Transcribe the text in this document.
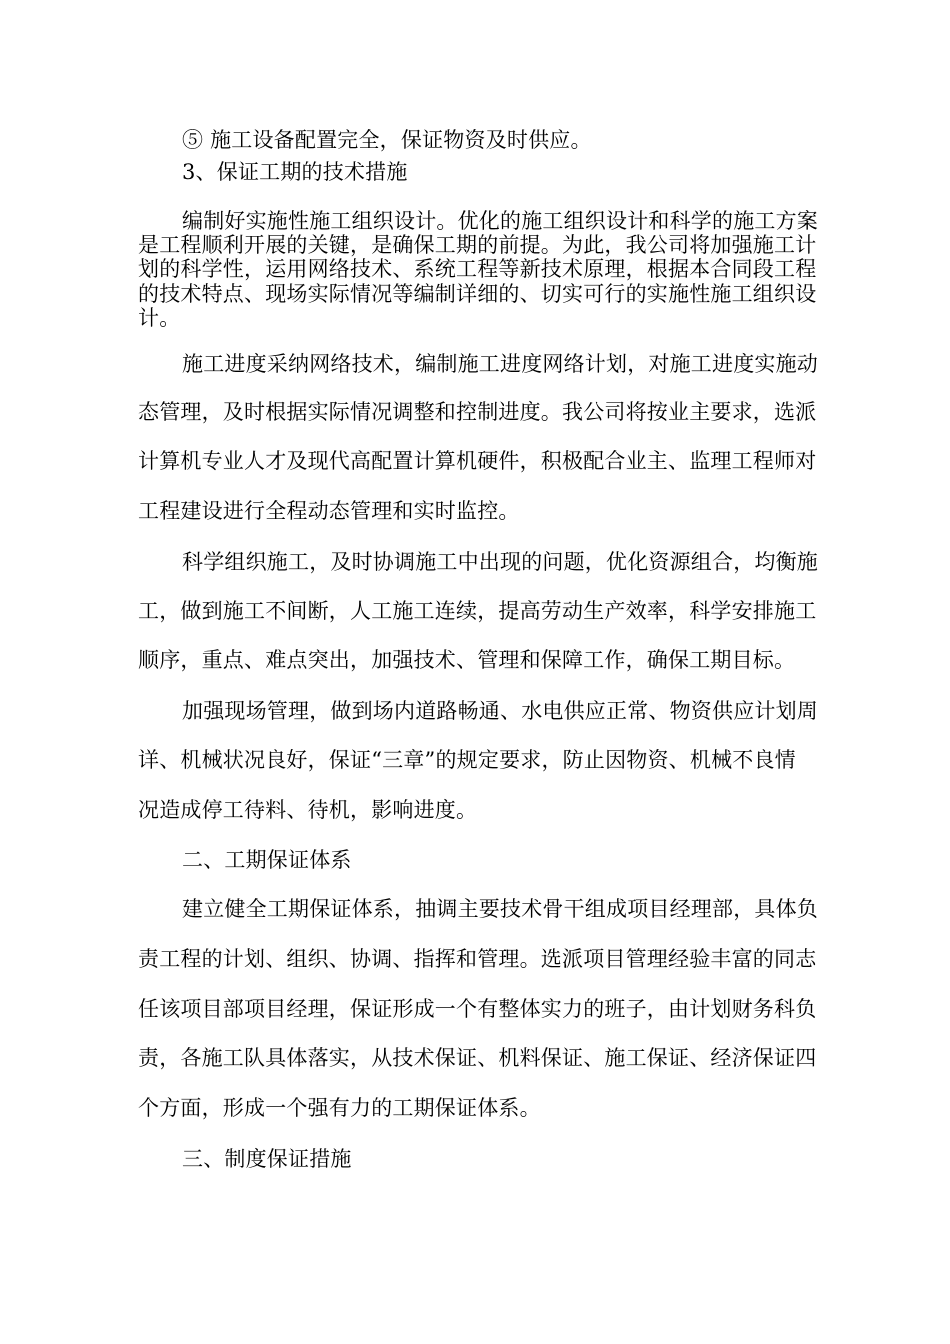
⑤ 施工设备配置完全，保证物资及时供应。
3、保证工期的技术措施
编制好实施性施工组织设计。优化的施工组织设计和科学的施工方案
是工程顺利开展的关键，是确保工期的前提。为此，我公司将加强施工计
划的科学性，运用网络技术、系统工程等新技术原理，根据本合同段工程
的技术特点、现场实际情况等编制详细的、切实可行的实施性施工组织设
计。
施工进度采纳网络技术，编制施工进度网络计划，对施工进度实施动
态管理，及时根据实际情况调整和控制进度。我公司将按业主要求，选派
计算机专业人才及现代高配置计算机硬件，积极配合业主、监理工程师对
工程建设进行全程动态管理和实时监控。
科学组织施工，及时协调施工中出现的问题，优化资源组合，均衡施
工，做到施工不间断，人工施工连续，提高劳动生产效率，科学安排施工
顺序，重点、难点突出，加强技术、管理和保障工作，确保工期目标。
加强现场管理，做到场内道路畅通、水电供应正常、物资供应计划周
详、机械状况良好，保证“三章”的规定要求，防止因物资、机械不良情
况造成停工待料、待机，影响进度。
二、工期保证体系
建立健全工期保证体系，抽调主要技术骨干组成项目经理部，具体负
责工程的计划、组织、协调、指挥和管理。选派项目管理经验丰富的同志
任该项目部项目经理，保证形成一个有整体实力的班子，由计划财务科负
责，各施工队具体落实，从技术保证、机料保证、施工保证、经济保证四
个方面，形成一个强有力的工期保证体系。
三、制度保证措施
